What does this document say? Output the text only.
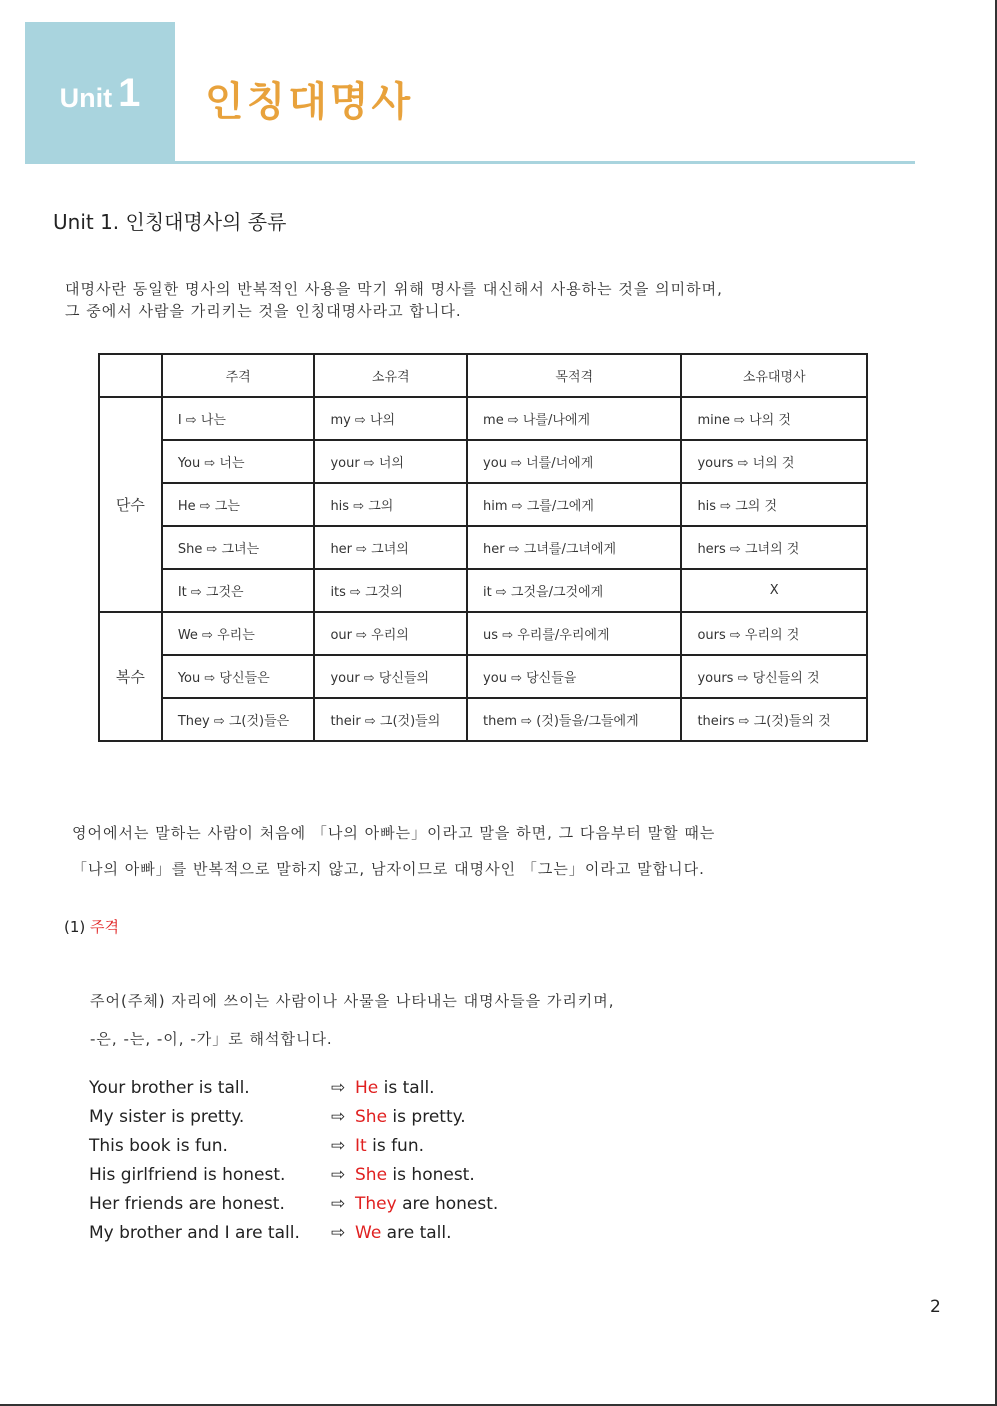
Unit 1 인칭대명사
Unit 1. 인칭대명사의 종류
대명사란 동일한 명사의 반복적인 사용을 막기 위해 명사를 대신해서 사용하는 것을 의미하며,
그 중에서 사람을 가리키는 것을 인칭대명사라고 합니다.
	주격	소유격	목적격	소유대명사
단수	I ⇨ 나는	my ⇨ 나의	me ⇨ 나를/나에게	mine ⇨ 나의 것
	You ⇨ 너는	your ⇨ 너의	you ⇨ 너를/너에게	yours ⇨ 너의 것
	He ⇨ 그는	his ⇨ 그의	him ⇨ 그를/그에게	his ⇨ 그의 것
	She ⇨ 그녀는	her ⇨ 그녀의	her ⇨ 그녀를/그녀에게	hers ⇨ 그녀의 것
	It ⇨ 그것은	its ⇨ 그것의	it ⇨ 그것을/그것에게	X
복수	We ⇨ 우리는	our ⇨ 우리의	us ⇨ 우리를/우리에게	ours ⇨ 우리의 것
	You ⇨ 당신들은	your ⇨ 당신들의	you ⇨ 당신들을	yours ⇨ 당신들의 것
	They ⇨ 그(것)들은	their ⇨ 그(것)들의	them ⇨ (것)들을/그들에게	theirs ⇨ 그(것)들의 것
영어에서는 말하는 사람이 처음에 「나의 아빠는」이라고 말을 하면, 그 다음부터 말할 때는
「나의 아빠」를 반복적으로 말하지 않고, 남자이므로 대명사인 「그는」이라고 말합니다.
(1) 주격
주어(주체) 자리에 쓰이는 사람이나 사물을 나타내는 대명사들을 가리키며,
-은, -는, -이, -가」로 해석합니다.
Your brother is tall.	⇨ He is tall.
My sister is pretty.	⇨ She is pretty.
This book is fun.	⇨ It is fun.
His girlfriend is honest.	⇨ She is honest.
Her friends are honest.	⇨ They are honest.
My brother and I are tall.	⇨ We are tall.
2
